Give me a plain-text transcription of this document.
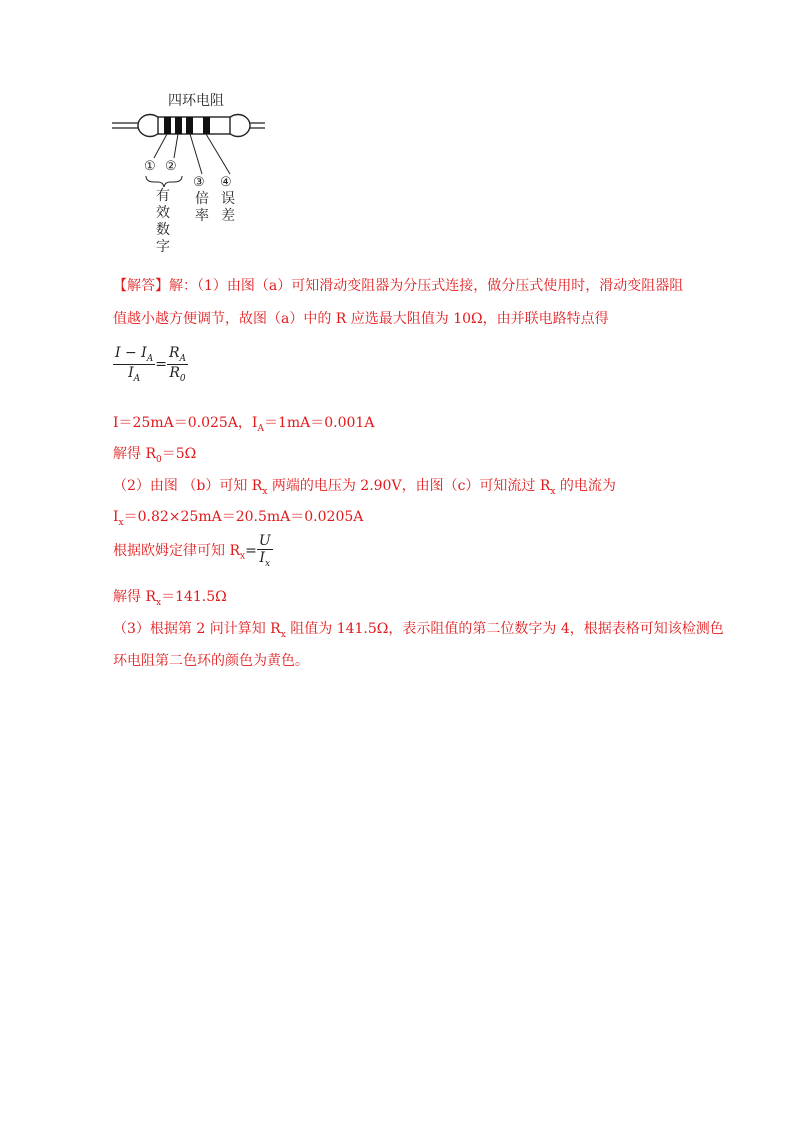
四环电阻
① ②
③ ④
有
效
数
字
倍
率
误
差
【解答】解：（1）由图（a）可知滑动变阻器为分压式连接，做分压式使用时，滑动变阻器阻
值越小越方便调节，故图（a）中的 R 应选最大阻值为 10Ω，由并联电路特点得
$\frac{I - I_A}{I_A} = \frac{R_A}{R_0}$
I＝25mA＝0.025A，$I_A=1mA=0.001A$
解得 $R_0=5\Omega$
（2）由图 （b）可知 $R_x$ 两端的电压为 2.90V，由图（c）可知流过 $R_x$ 的电流为
$I_x=0.82\times 25mA=20.5mA=0.0205A$
根据欧姆定律可知 $R_x= \frac{U}{I_x}$
解得 $R_x=141.5\Omega$
（3）根据第 2 问计算知 $R_x$ 阻值为 141.5Ω，表示阻值的第二位数字为 4，根据表格可知该检测色
环电阻第二色环的颜色为黄色。
